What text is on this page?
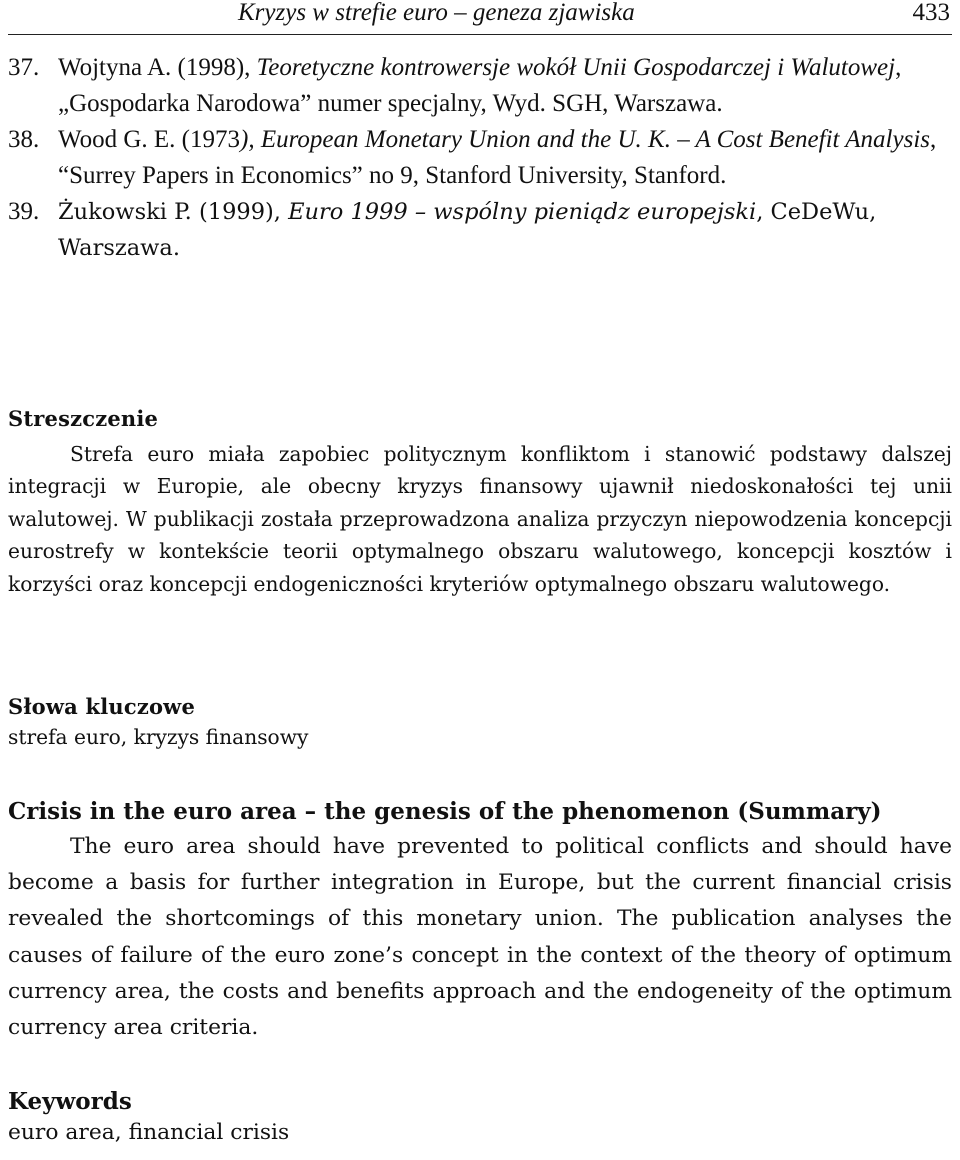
Kryzys w strefie euro – geneza zjawiska	433
37. Wojtyna A. (1998), Teoretyczne kontrowersje wokół Unii Gospodarczej i Walutowej, „Gospodarka Narodowa” numer specjalny, Wyd. SGH, Warszawa.
38. Wood G. E. (1973), European Monetary Union and the U. K. – A Cost Benefit Analysis, “Surrey Papers in Economics” no 9, Stanford University, Stanford.
39. Żukowski P. (1999), Euro 1999 – wspólny pieniądz europejski, CeDeWu, Warszawa.
Streszczenie

Strefa euro miała zapobiec politycznym konfliktom i stanowić podstawy dalszej integracji w Europie, ale obecny kryzys finansowy ujawnił niedoskonałości tej unii walutowej. W publikacji została przeprowadzona analiza przyczyn niepowodzenia koncepcji eurostrefy w kontekście teorii optymalnego obszaru walutowego, koncepcji kosztów i korzyści oraz koncepcji endogeniczności kryteriów optymalnego obszaru walutowego.

Słowa kluczowe

strefa euro, kryzys finansowy

Crisis in the euro area – the genesis of the phenomenon (Summary)

The euro area should have prevented to political conflicts and should have become a basis for further integration in Europe, but the current financial crisis revealed the shortcomings of this monetary union. The publication analyses the causes of failure of the euro zone’s concept in the context of the theory of optimum currency area, the costs and benefits approach and the endogeneity of the optimum currency area criteria.

Keywords

euro area, financial crisis
